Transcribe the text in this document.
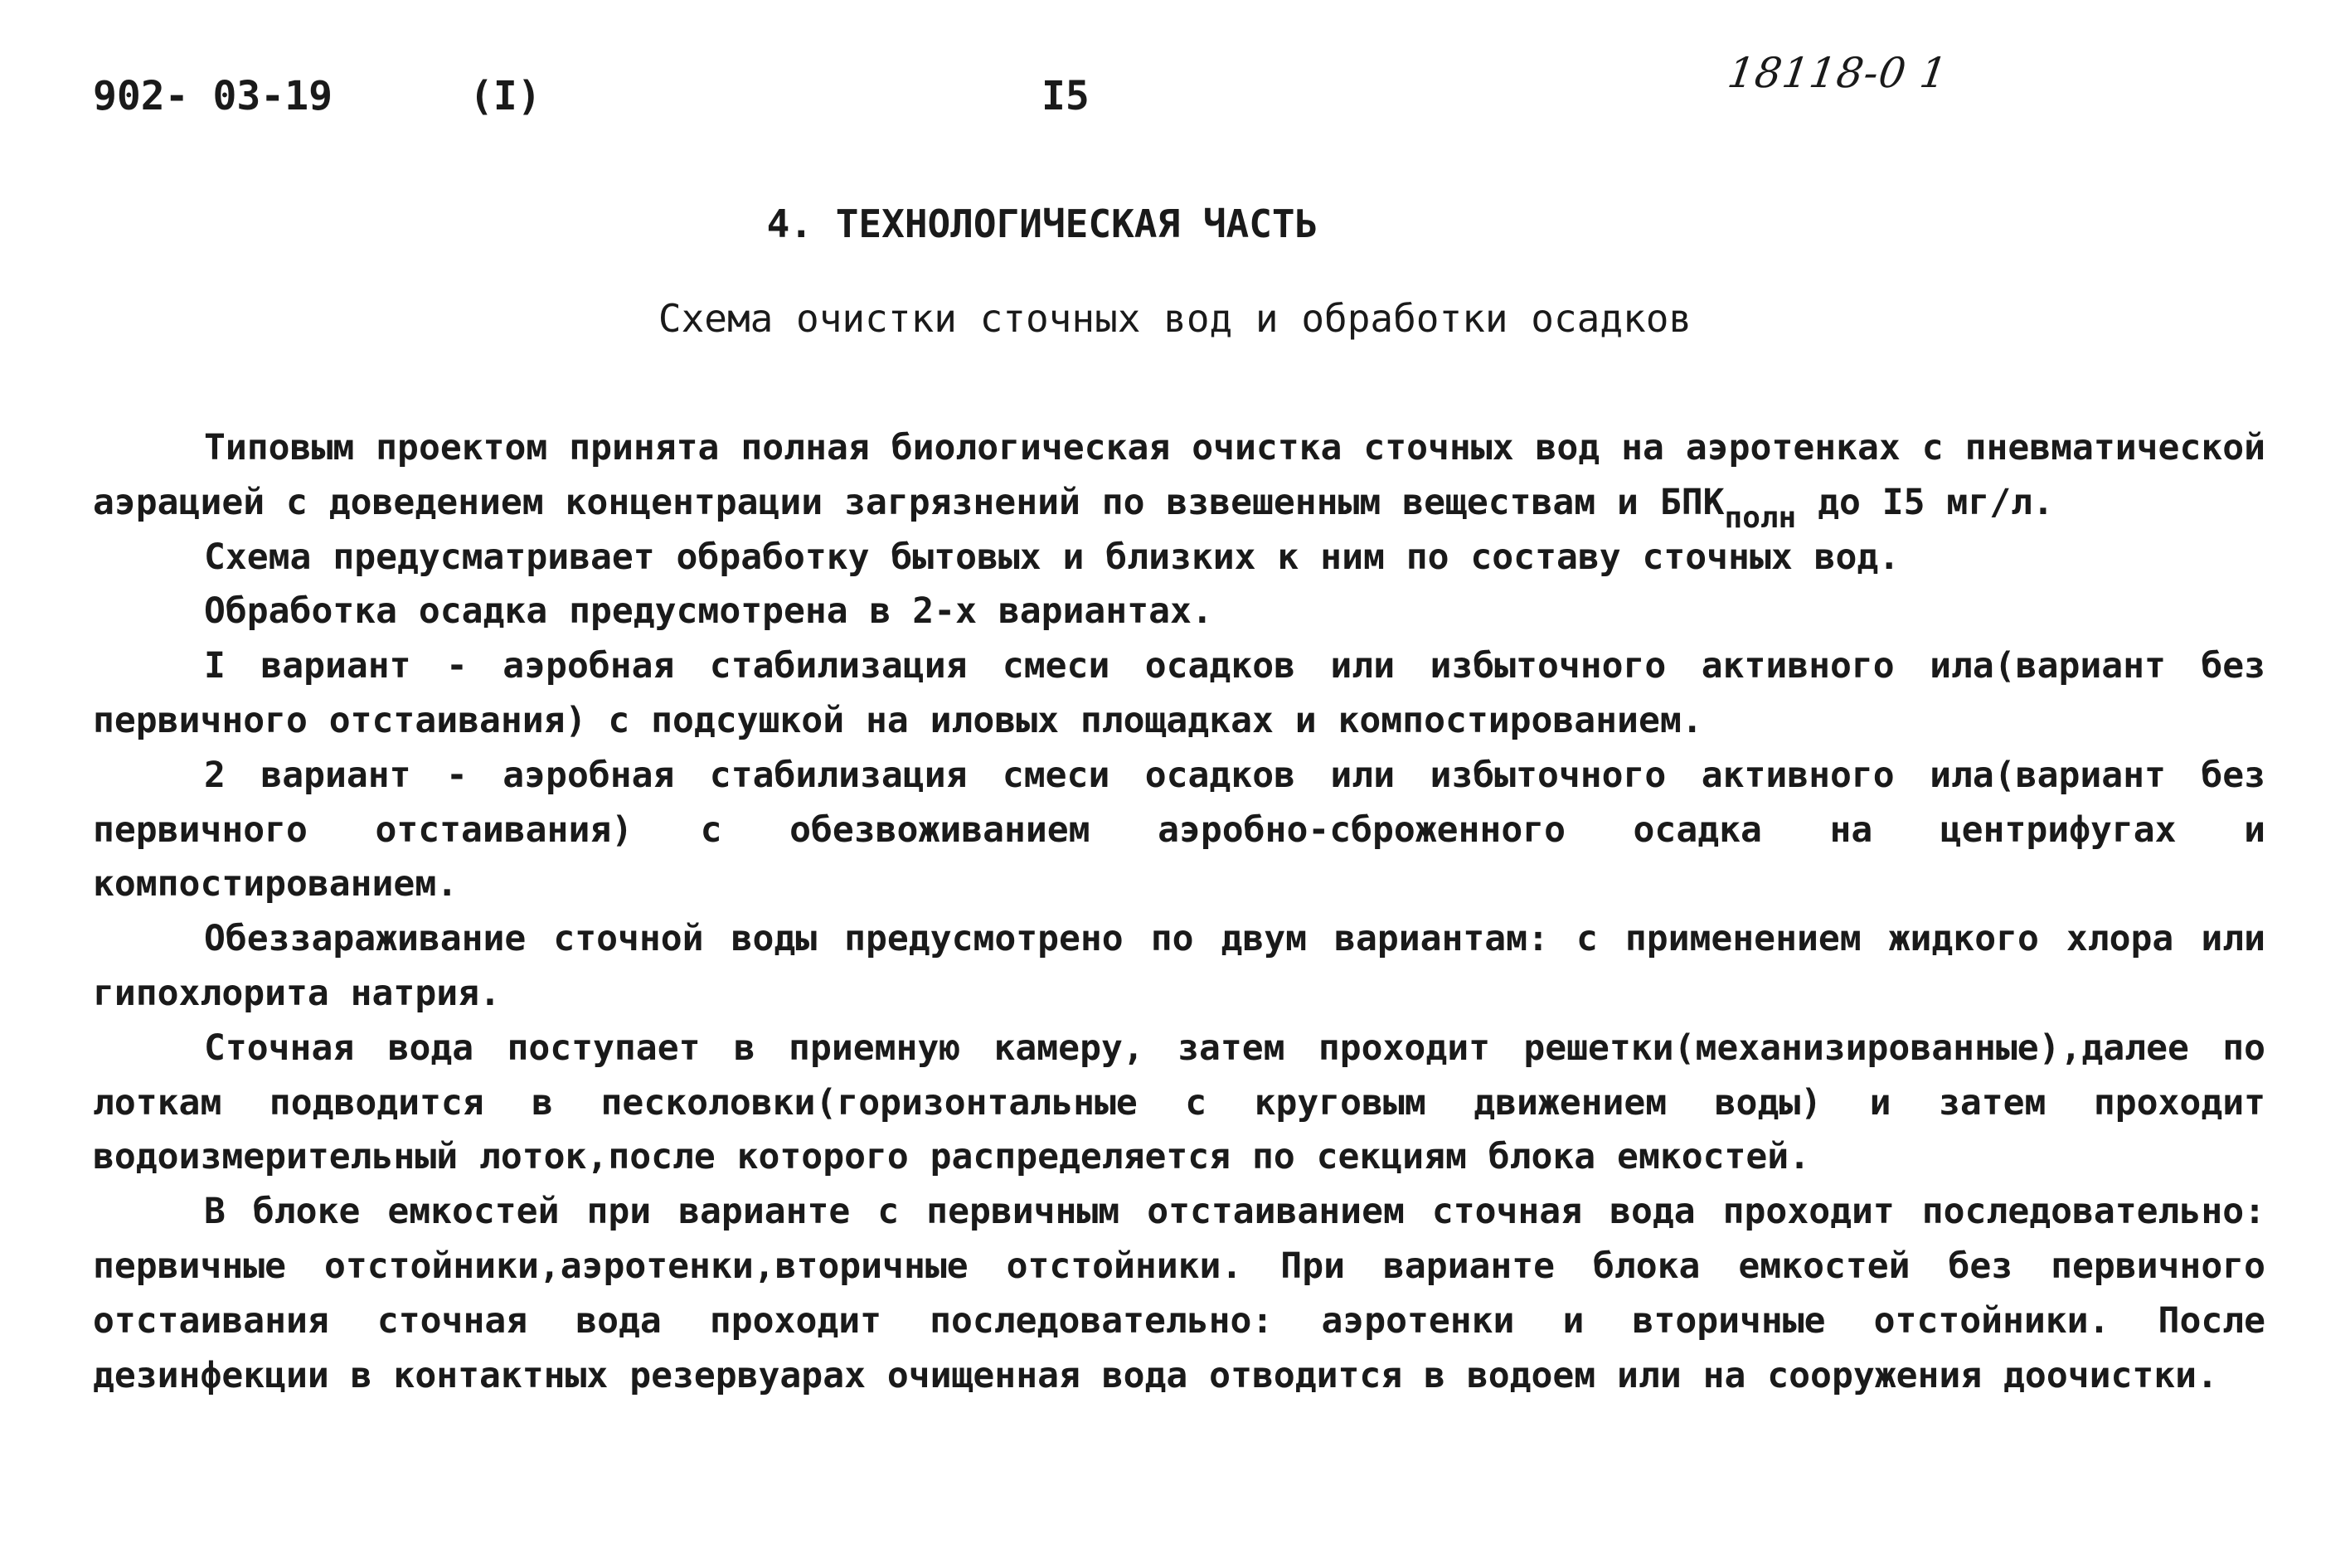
902- 03-19	(I)	I5	18118-0 1
4. ТЕХНОЛОГИЧЕСКАЯ ЧАСТЬ
Схема очистки сточных вод и обработки осадков

Типовым проектом принята полная биологическая очистка сточных вод на аэротенках с пневматической аэрацией с доведением концентрации загрязнений по взвешенным веществам и $БПК_{полн}$ до I5 мг/л.

Схема предусматривает обработку бытовых и близких к ним по составу сточных вод.

Обработка осадка предусмотрена в 2-х вариантах.

I вариант - аэробная стабилизация смеси осадков или избыточного активного ила(вариант без первичного отстаивания) с подсушкой на иловых площадках и компостированием.

2 вариант - аэробная стабилизация смеси осадков или избыточного активного ила(вариант без первичного отстаивания) с обезвоживанием аэробно-сброженного осадка на центрифугах и компостированием.

Обеззараживание сточной воды предусмотрено по двум вариантам: с применением жидкого хлора или гипохлорита натрия.

Сточная вода поступает в приемную камеру, затем проходит решетки(механизированные),далее по лоткам подводится в песколовки(горизонтальные с круговым движением воды) и затем проходит водоизмерительный лоток,после которого распределяется по секциям блока емкостей.

В блоке емкостей при варианте с первичным отстаиванием сточная вода проходит последовательно: первичные отстойники,аэротенки,вторичные отстойники. При варианте блока емкостей без первичного отстаивания сточная вода проходит последовательно: аэротенки и вторичные отстойники. После дезинфекции в контактных резервуарах очищенная вода отводится в водоем или на сооружения доочистки.
